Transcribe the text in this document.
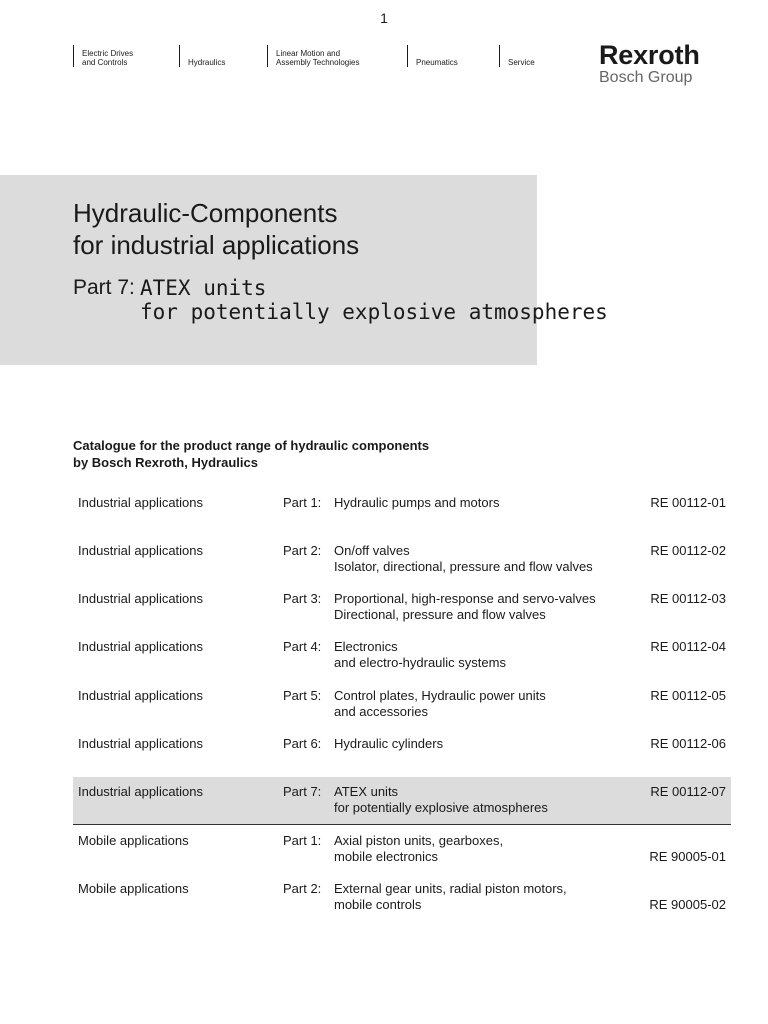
1
Electric Drives
and Controls	Hydraulics
Linear Motion and
Assembly Technologies	Pneumatics	Service Rexroth
Bosch Group
Hydraulic-Components
for industrial applications
Part 7: ATEX units
for potentially explosive atmospheres
Catalogue for the product range of hydraulic components
by Bosch Rexroth, Hydraulics
Industrial applications	Part 1: Hydraulic pumps and motors	RE 00112-01
Industrial applications	Part 2: On/off valves
Isolator, directional, pressure and flow valves
RE 00112-02
Industrial applications	Part 3: Proportional, high-response and servo-valves
Directional, pressure and flow valves
RE 00112-03
Industrial applications	Part 4: Electronics
and electro-hydraulic systems
RE 00112-04
Industrial applications	Part 5: Control plates, Hydraulic power units
and accessories
RE 00112-05
Industrial applications	Part 6: Hydraulic cylinders	RE 00112-06
Industrial applications	Part 7: ATEX units
for potentially explosive atmospheres
RE 00112-07
Mobile applications	Part 1: Axial piston units, gearboxes,
mobile electronics	RE 90005-01
Mobile applications	Part 2: External gear units, radial piston motors,
mobile controls	RE 90005-02
